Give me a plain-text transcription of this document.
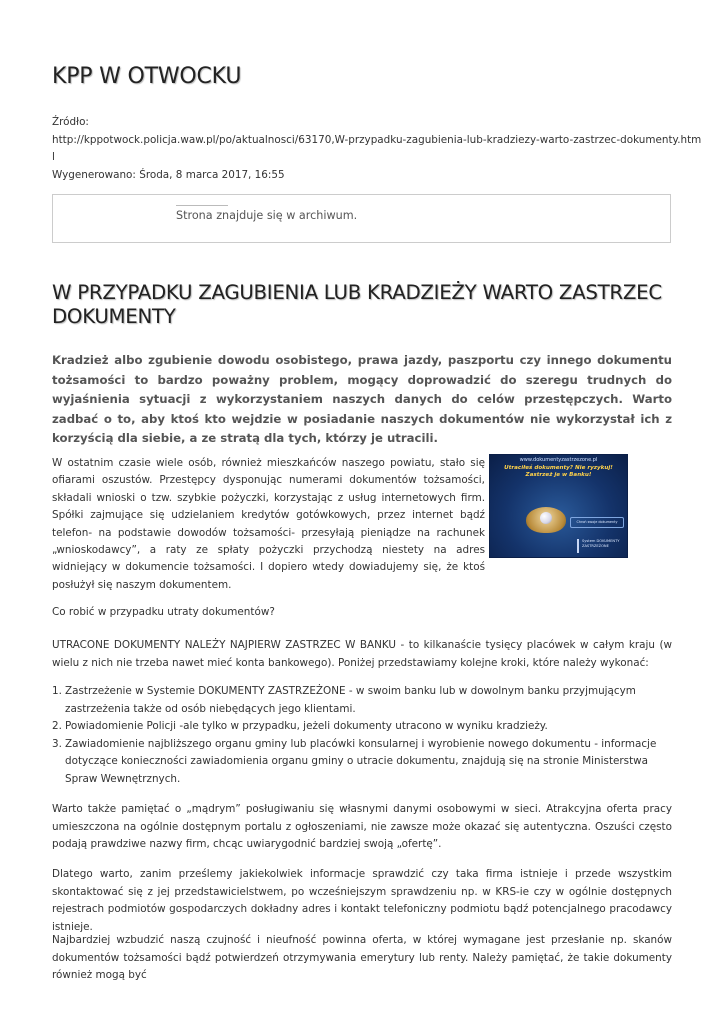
KPP W OTWOCKU
Źródło:
http://kppotwock.policja.waw.pl/po/aktualnosci/63170,W-przypadku-zagubienia-lub-kradziezy-warto-zastrzec-dokumenty.htm
l
Wygenerowano: Środa, 8 marca 2017, 16:55
Strona znajduje się w archiwum.
W PRZYPADKU ZAGUBIENIA LUB KRADZIEŻY WARTO ZASTRZEC DOKUMENTY

Kradzież albo zgubienie dowodu osobistego, prawa jazdy, paszportu czy innego dokumentu tożsamości to bardzo poważny problem, mogący doprowadzić do szeregu trudnych do wyjaśnienia sytuacji z wykorzystaniem naszych danych do celów przestępczych. Warto zadbać o to, aby ktoś kto wejdzie w posiadanie naszych dokumentów nie wykorzystał ich z korzyścią dla siebie, a ze stratą dla tych, którzy je utracili.

www.dokumentyzastrzezone.pl
Utraciłeś dokumenty? Nie ryzykuj! Zastrzeż je w Banku!
Chroń swoje dokumenty
System DOKUMENTY ZASTRZEŻONE

W ostatnim czasie wiele osób, również mieszkańców naszego powiatu, stało się ofiarami oszustów. Przestępcy dysponując numerami dokumentów tożsamości, składali wnioski o tzw. szybkie pożyczki, korzystając z usług internetowych firm. Spółki zajmujące się udzielaniem kredytów gotówkowych, przez internet bądź telefon- na podstawie dowodów tożsamości- przesyłają pieniądze na rachunek „wnioskodawcy”, a raty ze spłaty pożyczki przychodzą niestety na adres widniejący w dokumencie tożsamości. I dopiero wtedy dowiadujemy się, że ktoś posłużył się naszym dokumentem.

Co robić w przypadku utraty dokumentów?

UTRACONE DOKUMENTY NALEŻY NAJPIERW ZASTRZEC W BANKU - to kilkanaście tysięcy placówek w całym kraju (w wielu z nich nie trzeba nawet mieć konta bankowego). Poniżej przedstawiamy kolejne kroki, które należy wykonać:

1. Zastrzeżenie w Systemie DOKUMENTY ZASTRZEŻONE - w swoim banku lub w dowolnym banku przyjmującym zastrzeżenia także od osób niebędących jego klientami.
2. Powiadomienie Policji -ale tylko w przypadku, jeżeli dokumenty utracono w wyniku kradzieży.
3. Zawiadomienie najbliższego organu gminy lub placówki konsularnej i wyrobienie nowego dokumentu - informacje dotyczące konieczności zawiadomienia organu gminy o utracie dokumentu, znajdują się na stronie Ministerstwa Spraw Wewnętrznych.

Warto także pamiętać o „mądrym” posługiwaniu się własnymi danymi osobowymi w sieci. Atrakcyjna oferta pracy umieszczona na ogólnie dostępnym portalu z ogłoszeniami, nie zawsze może okazać się autentyczna. Oszuści często podają prawdziwe nazwy firm, chcąc uwiarygodnić bardziej swoją „ofertę”.

Dlatego warto, zanim prześlemy jakiekolwiek informacje sprawdzić czy taka firma istnieje i przede wszystkim skontaktować się z jej przedstawicielstwem, po wcześniejszym sprawdzeniu np. w KRS-ie czy w ogólnie dostępnych rejestrach podmiotów gospodarczych dokładny adres i kontakt telefoniczny podmiotu bądź potencjalnego pracodawcy istnieje.

Najbardziej wzbudzić naszą czujność i nieufność powinna oferta, w której wymagane jest przesłanie np. skanów dokumentów tożsamości bądź potwierdzeń otrzymywania emerytury lub renty. Należy pamiętać, że takie dokumenty również mogą być
